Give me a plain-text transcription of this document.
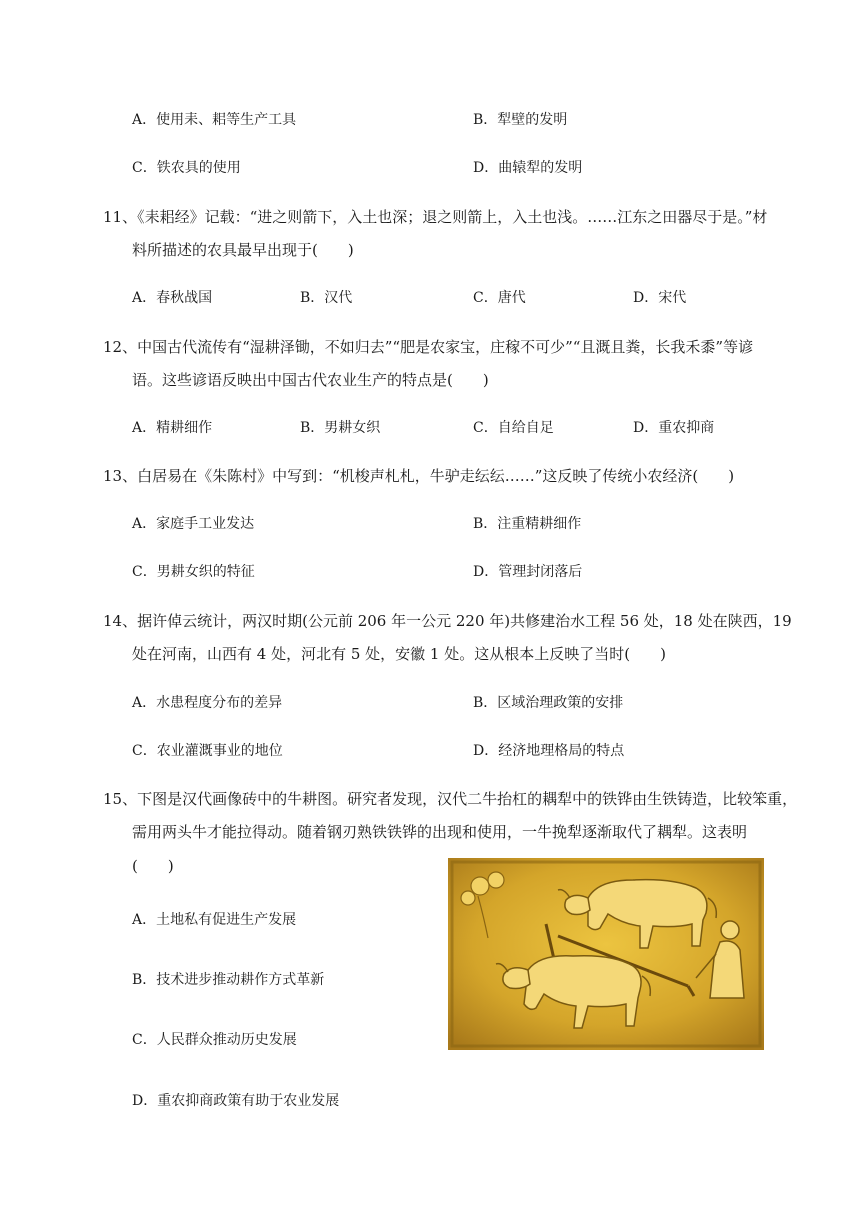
A．使用耒、耜等生产工具	B．犁壁的发明
C．铁农具的使用	D．曲辕犁的发明
11、《耒耜经》记载：“进之则箭下，入土也深；退之则箭上，入土也浅。……江东之田器尽于是。”材
料所描述的农具最早出现于(　　)
A．春秋战国	B．汉代	C．唐代	D．宋代
12、中国古代流传有“湿耕泽锄，不如归去”“肥是农家宝，庄稼不可少”“且溉且粪，长我禾黍”等谚
语。这些谚语反映出中国古代农业生产的特点是(　　)
A．精耕细作	B．男耕女织	C．自给自足	D．重农抑商
13、白居易在《朱陈村》中写到：“机梭声札札，牛驴走纭纭……”这反映了传统小农经济(　　)
A．家庭手工业发达	B．注重精耕细作
C．男耕女织的特征	D．管理封闭落后
14、据许倬云统计，两汉时期(公元前 206 年一公元 220 年)共修建治水工程 56 处，18 处在陕西，19
处在河南，山西有 4 处，河北有 5 处，安徽 1 处。这从根本上反映了当时(　　)
A．水患程度分布的差异	B．区域治理政策的安排
C．农业灌溉事业的地位	D．经济地理格局的特点
15、下图是汉代画像砖中的牛耕图。研究者发现，汉代二牛抬杠的耦犁中的铁铧由生铁铸造，比较笨重，
需用两头牛才能拉得动。随着钢刃熟铁铁铧的出现和使用，一牛挽犁逐渐取代了耦犁。这表明
(　　)
A．土地私有促进生产发展
B．技术进步推动耕作方式革新
C．人民群众推动历史发展
D．重农抑商政策有助于农业发展
